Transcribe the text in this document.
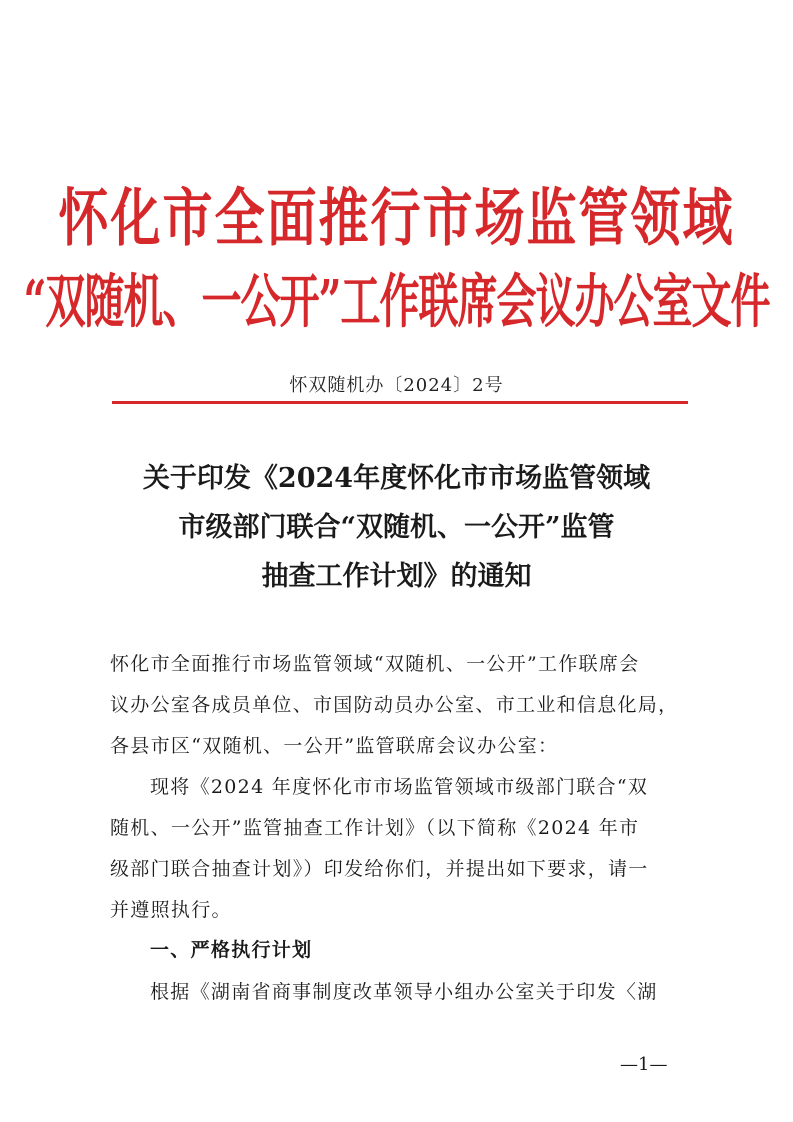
怀化市全面推行市场监管领域
“双随机、一公开”工作联席会议办公室文件
怀双随机办〔2024〕2号
关于印发《2024年度怀化市市场监管领域
市级部门联合“双随机、一公开”监管
抽查工作计划》的通知
怀化市全面推行市场监管领域“双随机、一公开”工作联席会
议办公室各成员单位、市国防动员办公室、市工业和信息化局，
各县市区“双随机、一公开”监管联席会议办公室：
现将《2024 年度怀化市市场监管领域市级部门联合“双
随机、一公开”监管抽查工作计划》（以下简称《2024 年市
级部门联合抽查计划》）印发给你们，并提出如下要求，请一
并遵照执行。
一、严格执行计划
根据《湖南省商事制度改革领导小组办公室关于印发〈湖
—1—
